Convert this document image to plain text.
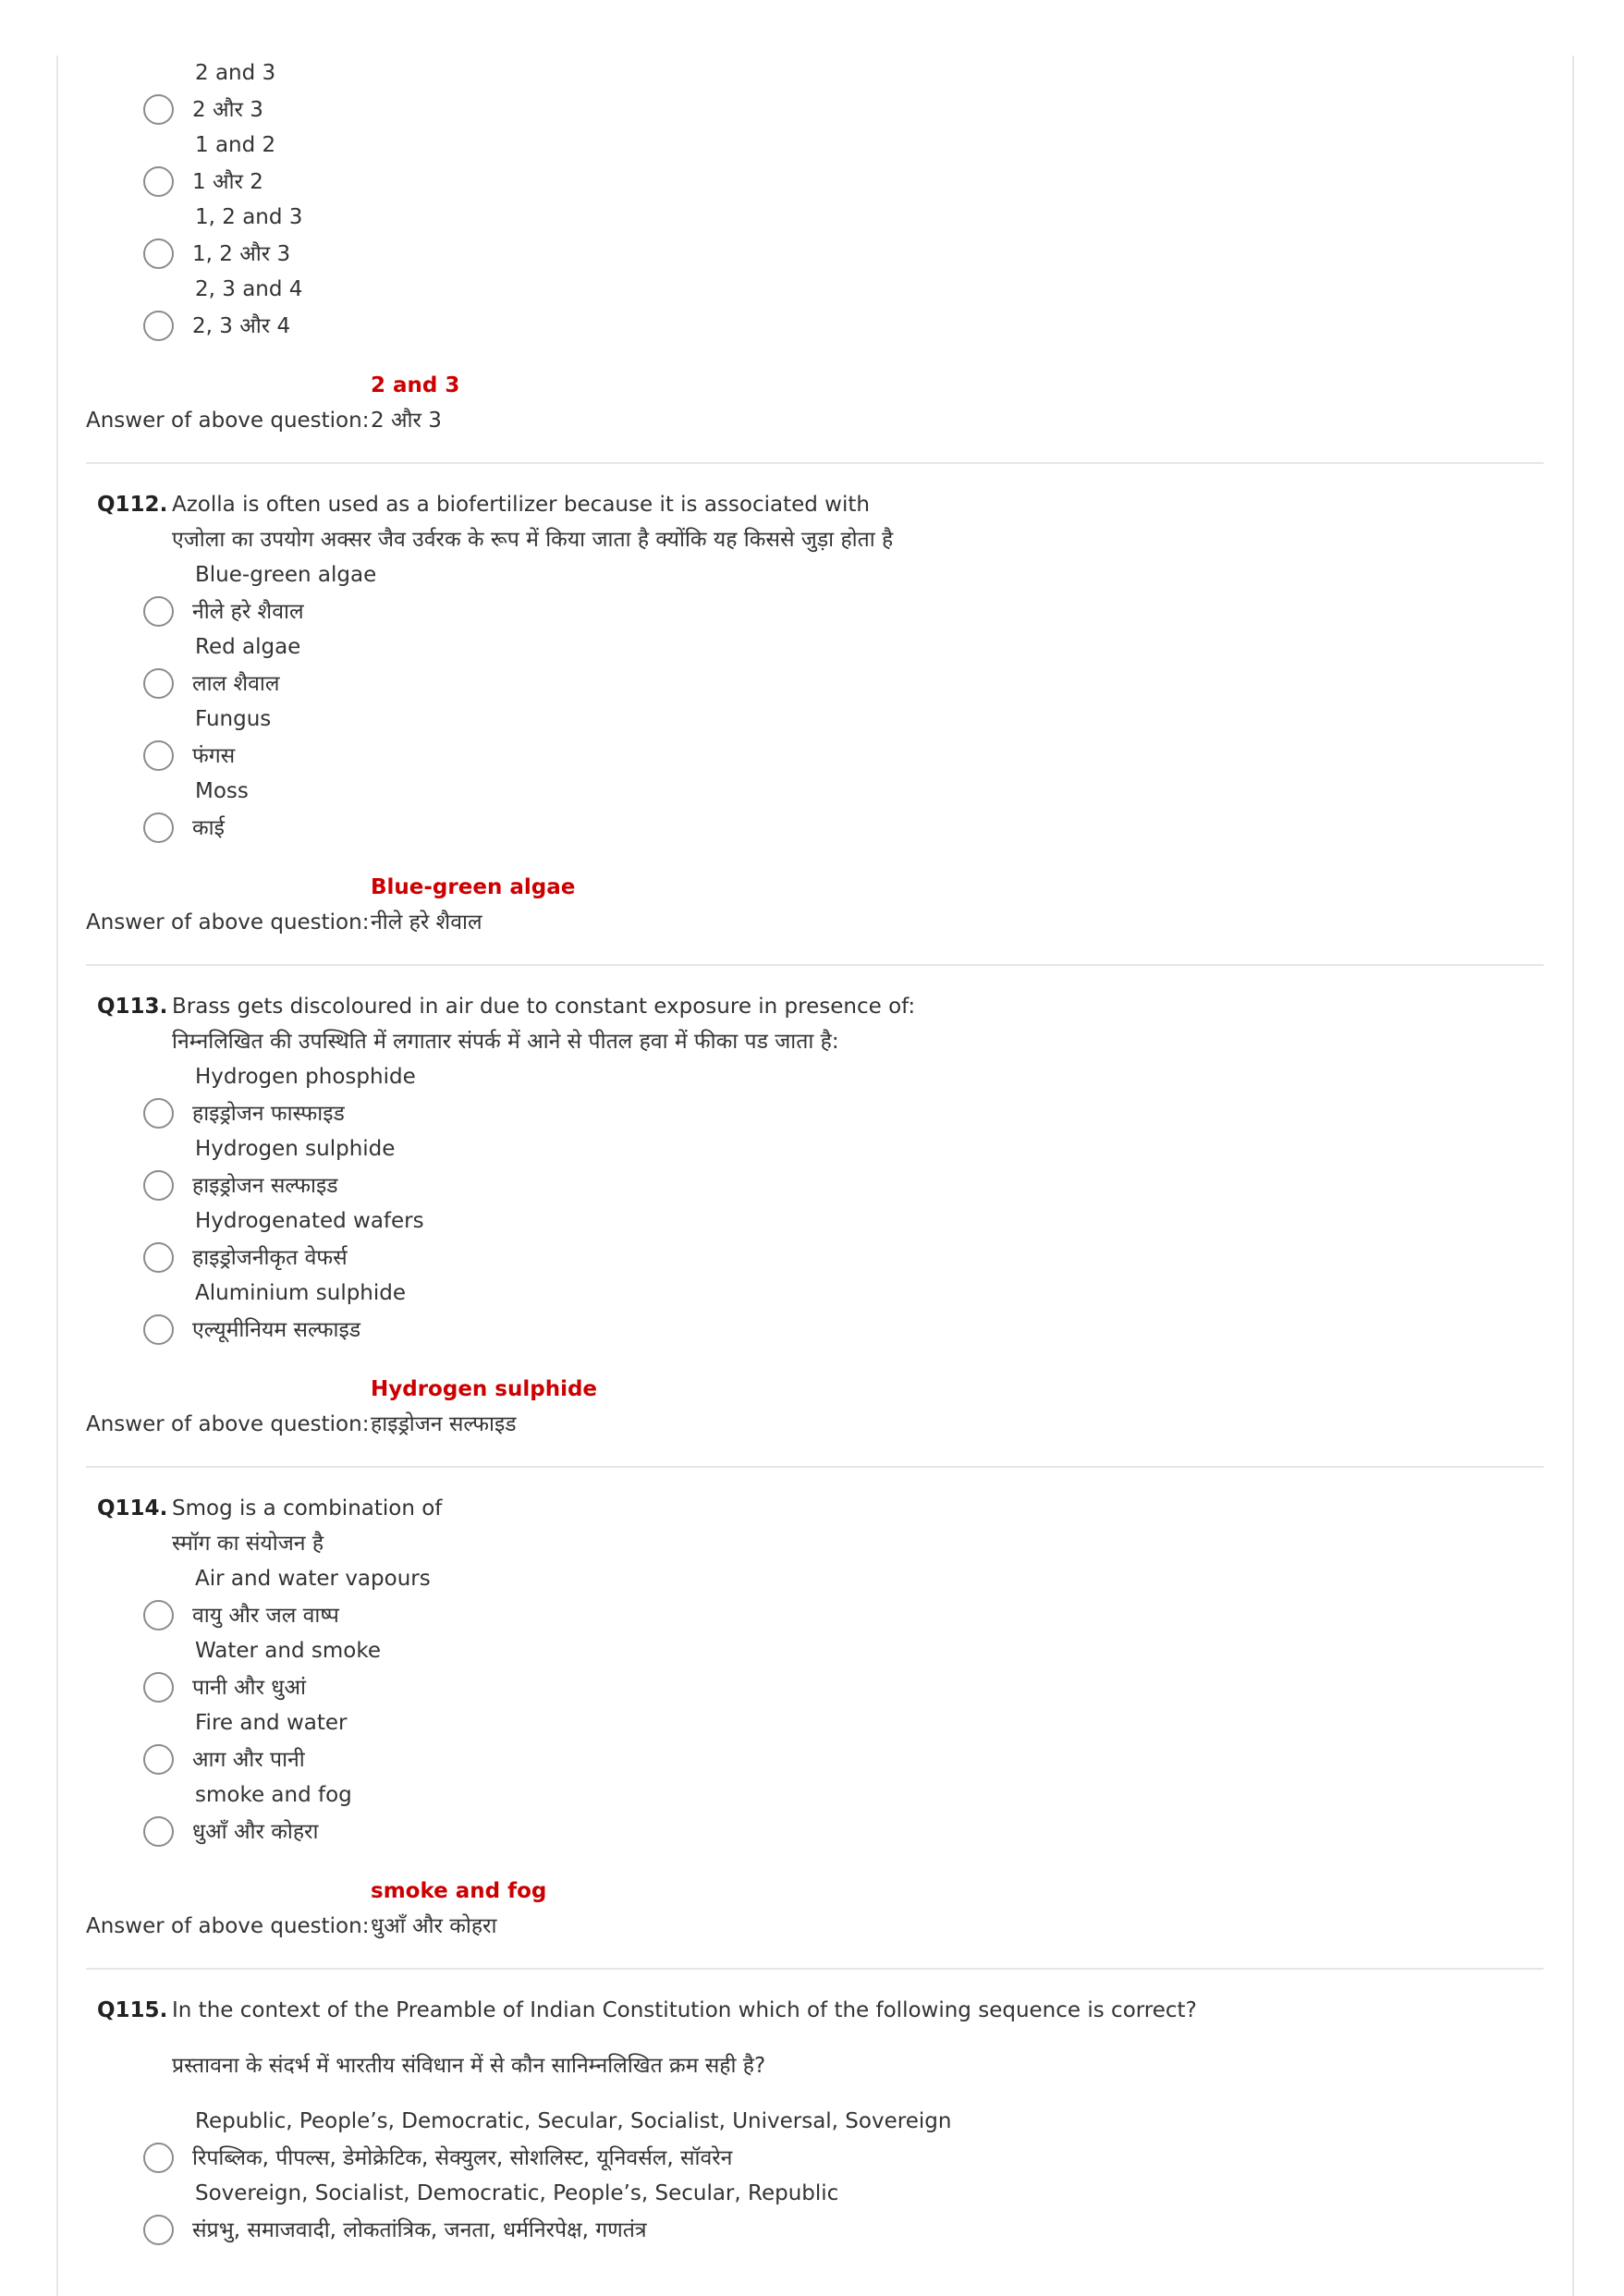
2 and 3
2 और 3
1 and 2
1 और 2
1, 2 and 3
1, 2 और 3
2, 3 and 4
2, 3 और 4
2 and 3
Answer of above question: 2 और 3
Q112. Azolla is often used as a biofertilizer because it is associated with
एजोला का उपयोग अक्सर जैव उर्वरक के रूप में किया जाता है क्योंकि यह किससे जुड़ा होता है
Blue-green algae
नीले हरे शैवाल
Red algae
लाल शैवाल
Fungus
फंगस
Moss
काई
Blue-green algae
Answer of above question: नीले हरे शैवाल
Q113. Brass gets discoloured in air due to constant exposure in presence of:
निम्नलिखित की उपस्थिति में लगातार संपर्क में आने से पीतल हवा में फीका पड जाता है:
Hydrogen phosphide
हाइड्रोजन फास्फाइड
Hydrogen sulphide
हाइड्रोजन सल्फाइड
Hydrogenated wafers
हाइड्रोजनीकृत वेफर्स
Aluminium sulphide
एल्यूमीनियम सल्फाइड
Hydrogen sulphide
Answer of above question: हाइड्रोजन सल्फाइड
Q114. Smog is a combination of
स्मॉग का संयोजन है
Air and water vapours
वायु और जल वाष्प
Water and smoke
पानी और धुआं
Fire and water
आग और पानी
smoke and fog
धुआँ और कोहरा
smoke and fog
Answer of above question: धुआँ और कोहरा
Q115. In the context of the Preamble of Indian Constitution which of the following sequence is correct?
प्रस्तावना के संदर्भ में भारतीय संविधान में से कौन सानिम्नलिखित क्रम सही है?
Republic, People’s, Democratic, Secular, Socialist, Universal, Sovereign
रिपब्लिक, पीपल्स, डेमोक्रेटिक, सेक्युलर, सोशलिस्ट, यूनिवर्सल, सॉवरेन
Sovereign, Socialist, Democratic, People’s, Secular, Republic
संप्रभु, समाजवादी, लोकतांत्रिक, जनता, धर्मनिरपेक्ष, गणतंत्र
